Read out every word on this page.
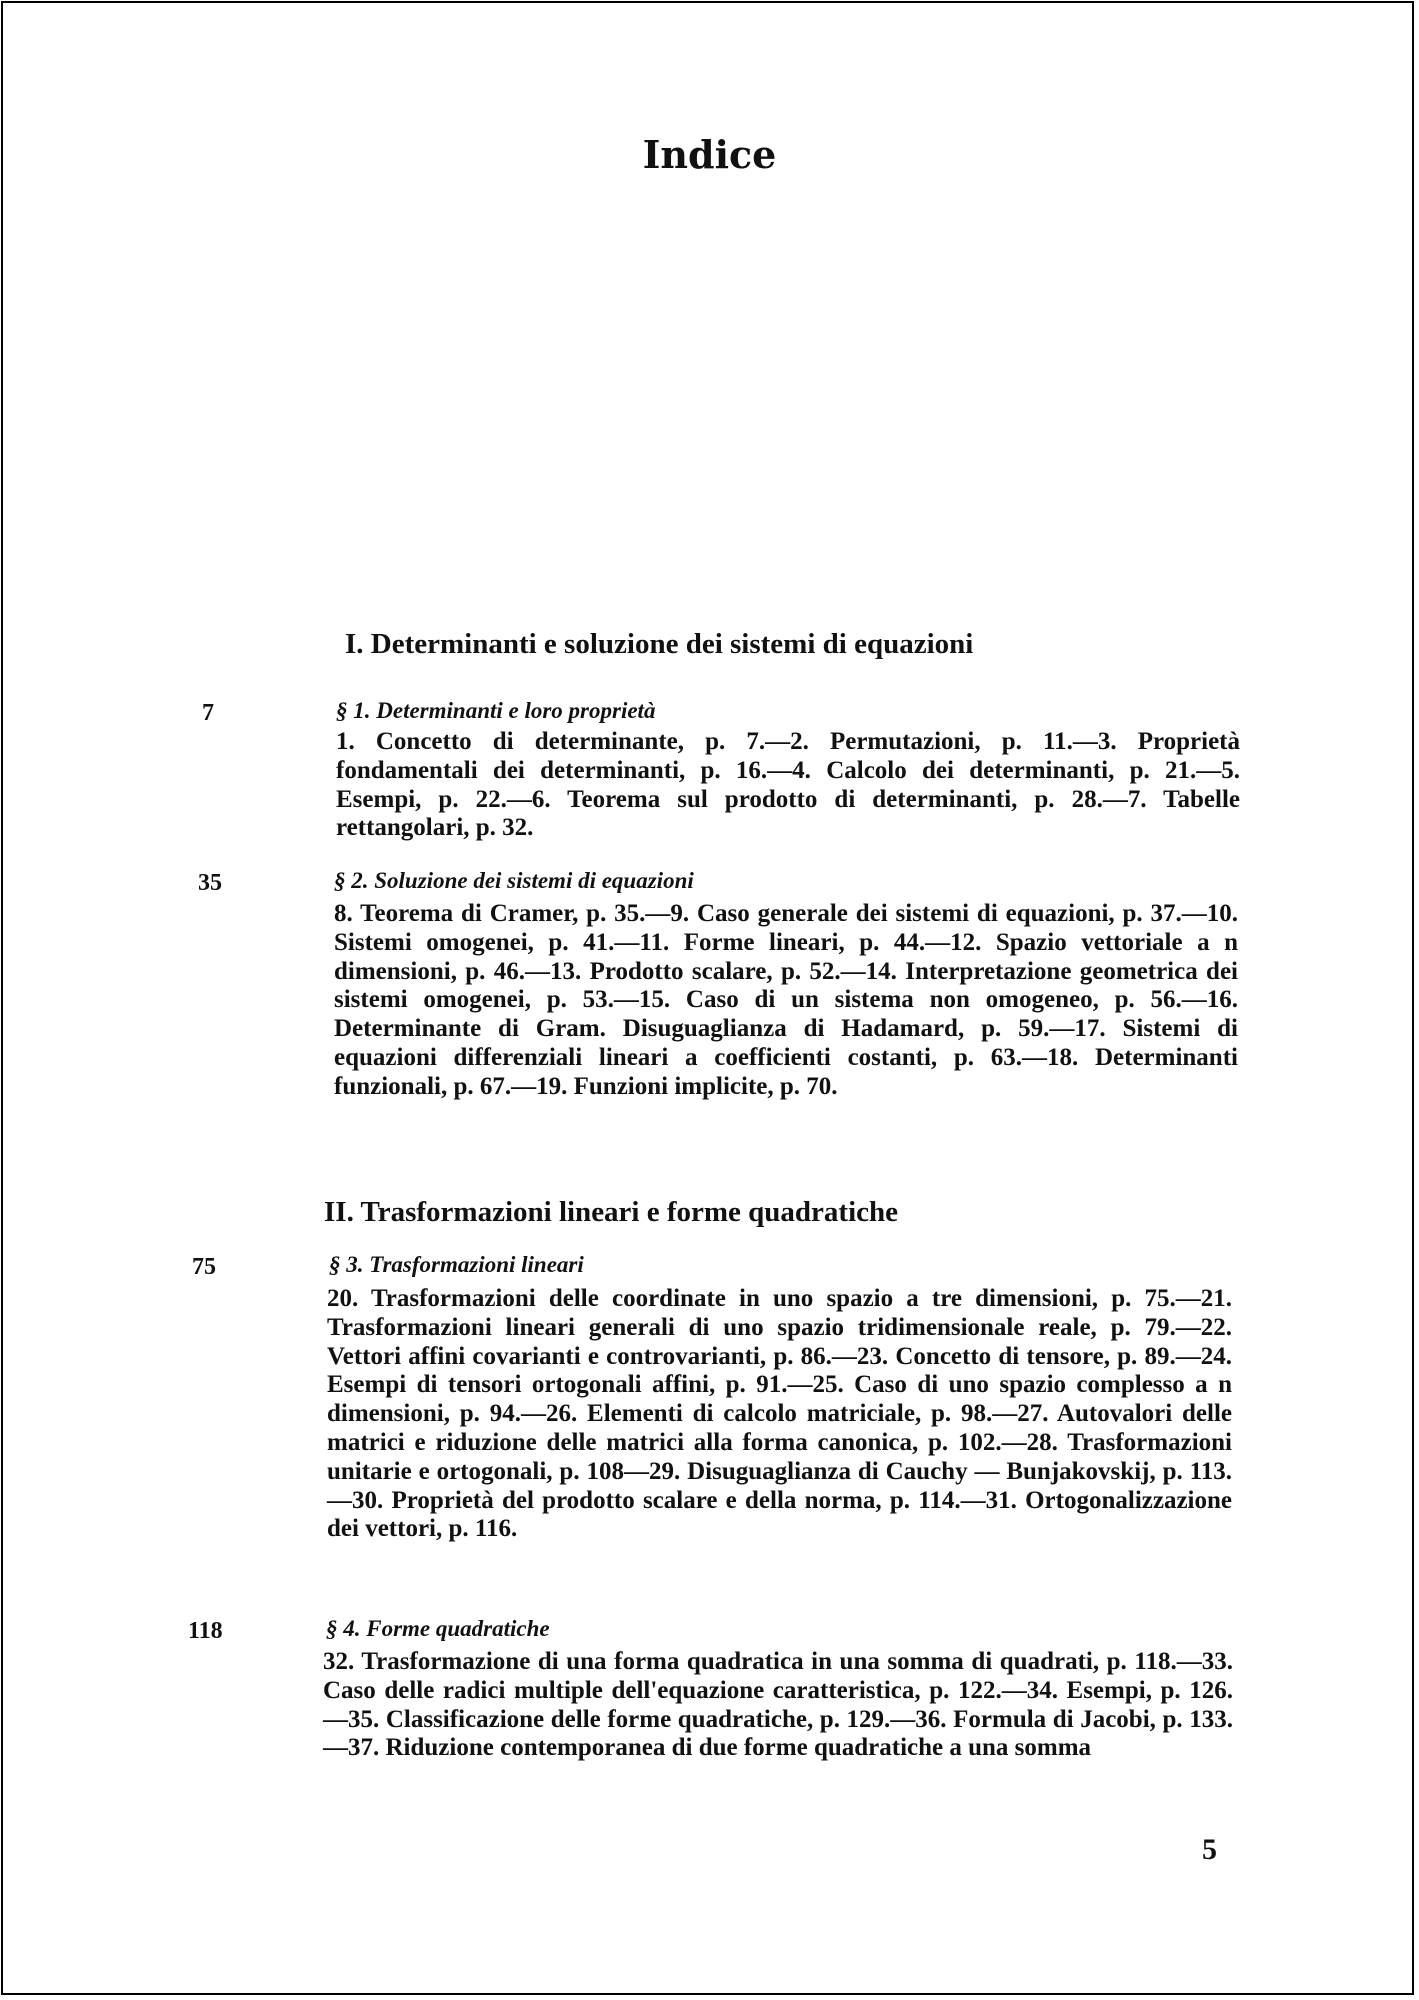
Indice
I. Determinanti e soluzione dei sistemi di equazioni
7	§ 1. Determinanti e loro proprietà

1. Concetto di determinante, p. 7.—2. Permutazioni, p. 11.—3. Proprietà fondamentali dei determinanti, p. 16.—4. Calcolo dei determinanti, p. 21.—5. Esempi, p. 22.—6. Teorema sul prodotto di determinanti, p. 28.—7. Tabelle rettangolari, p. 32.

35	§ 2. Soluzione dei sistemi di equazioni

8. Teorema di Cramer, p. 35.—9. Caso generale dei sistemi di equazioni, p. 37.—10. Sistemi omogenei, p. 41.—11. Forme lineari, p. 44.—12. Spazio vettoriale a n dimensioni, p. 46.—13. Prodotto scalare, p. 52.—14. Interpretazione geometrica dei sistemi omogenei, p. 53.—15. Caso di un sistema non omogeneo, p. 56.—16. Determinante di Gram. Disuguaglianza di Hadamard, p. 59.—17. Sistemi di equazioni differenziali lineari a coefficienti costanti, p. 63.—18. Determinanti funzionali, p. 67.—19. Funzioni implicite, p. 70.

II. Trasformazioni lineari e forme quadratiche
75	§ 3. Trasformazioni lineari

20. Trasformazioni delle coordinate in uno spazio a tre dimensioni, p. 75.—21. Trasformazioni lineari generali di uno spazio tridimensionale reale, p. 79.—22. Vettori affini covarianti e controvarianti, p. 86.—23. Concetto di tensore, p. 89.—24. Esempi di tensori ortogonali affini, p. 91.—25. Caso di uno spazio complesso a n dimensioni, p. 94.—26. Elementi di calcolo matriciale, p. 98.—27. Autovalori delle matrici e riduzione delle matrici alla forma canonica, p. 102.—28. Trasformazioni unitarie e ortogonali, p. 108—29. Disuguaglianza di Cauchy — Bunjakovskij, p. 113.—30. Proprietà del prodotto scalare e della norma, p. 114.—31. Ortogonalizzazione dei vettori, p. 116.

118	§ 4. Forme quadratiche

32. Trasformazione di una forma quadratica in una somma di quadrati, p. 118.—33. Caso delle radici multiple dell'equazione caratteristica, p. 122.—34. Esempi, p. 126.—35. Classificazione delle forme quadratiche, p. 129.—36. Formula di Jacobi, p. 133.—37. Riduzione contemporanea di due forme quadratiche a una somma

5
